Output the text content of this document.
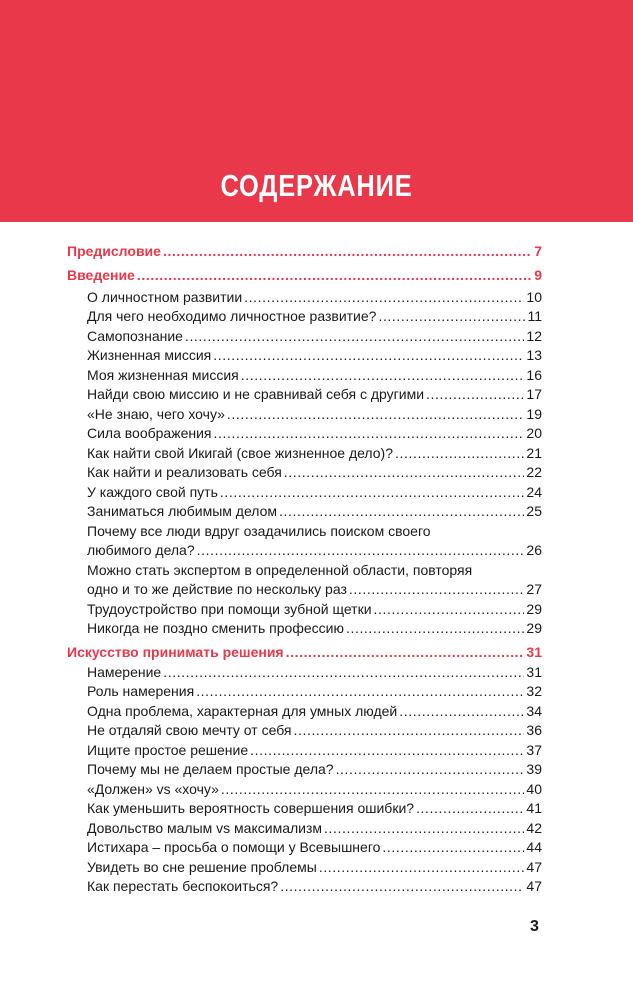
СОДЕРЖАНИЕ
Предисловие .....	7
Введение .....	9
О личностном развитии .....	10
Для чего необходимо личностное развитие? .....	11
Самопознание .....	12
Жизненная миссия .....	13
Моя жизненная миссия .....	16
Найди свою миссию и не сравнивай себя с другими .....	17
«Не знаю, чего хочу» .....	19
Сила воображения .....	20
Как найти свой Икигай (свое жизненное дело)? .....	21
Как найти и реализовать себя .....	22
У каждого свой путь .....	24
Заниматься любимым делом .....	25
Почему все люди вдруг озадачились поиском своего
любимого дела? .....	26
Можно стать экспертом в определенной области, повторяя
одно и то же действие по нескольку раз .....	27
Трудоустройство при помощи зубной щетки .....	29
Никогда не поздно сменить профессию .....	29
Искусство принимать решения .....	31
Намерение .....	31
Роль намерения .....	32
Одна проблема, характерная для умных людей .....	34
Не отдаляй свою мечту от себя .....	36
Ищите простое решение .....	37
Почему мы не делаем простые дела? .....	39
«Должен» vs «хочу» .....	40
Как уменьшить вероятность совершения ошибки? .....	41
Довольство малым vs максимализм .....	42
Истихара – просьба о помощи у Всевышнего .....	44
Увидеть во сне решение проблемы .....	47
Как перестать беспокоиться? .....	47
3
